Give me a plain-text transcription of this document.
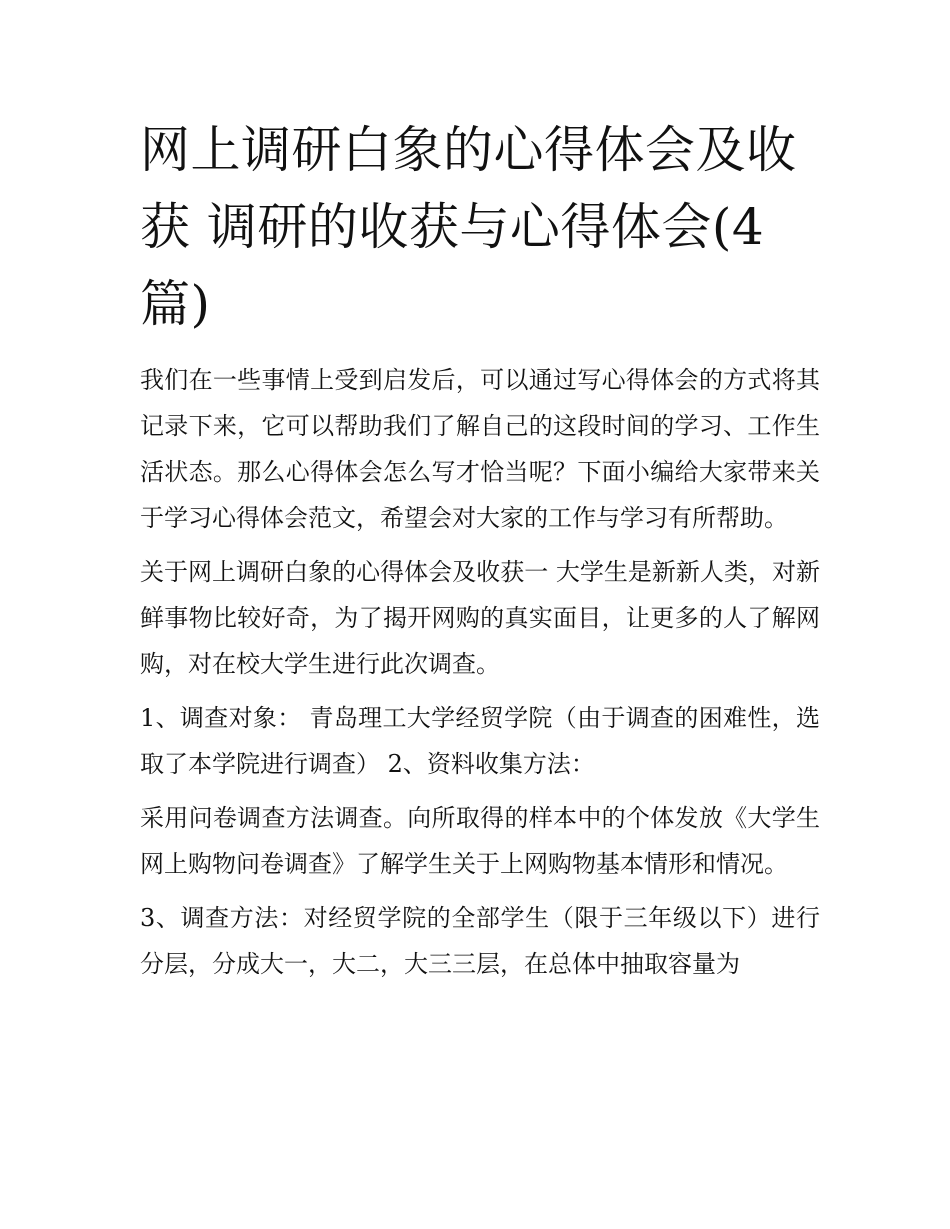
网上调研白象的心得体会及收获 调研的收获与心得体会(4篇)

我们在一些事情上受到启发后，可以通过写心得体会的方式将其记录下来，它可以帮助我们了解自己的这段时间的学习、工作生活状态。那么心得体会怎么写才恰当呢？下面小编给大家带来关于学习心得体会范文，希望会对大家的工作与学习有所帮助。

关于网上调研白象的心得体会及收获一 大学生是新新人类，对新鲜事物比较好奇，为了揭开网购的真实面目，让更多的人了解网购，对在校大学生进行此次调查。

1、调查对象： 青岛理工大学经贸学院（由于调查的困难性，选取了本学院进行调查） 2、资料收集方法：

采用问卷调查方法调查。向所取得的样本中的个体发放《大学生网上购物问卷调查》了解学生关于上网购物基本情形和情况。

3、调查方法：对经贸学院的全部学生（限于三年级以下）进行分层，分成大一，大二，大三三层，在总体中抽取容量为
